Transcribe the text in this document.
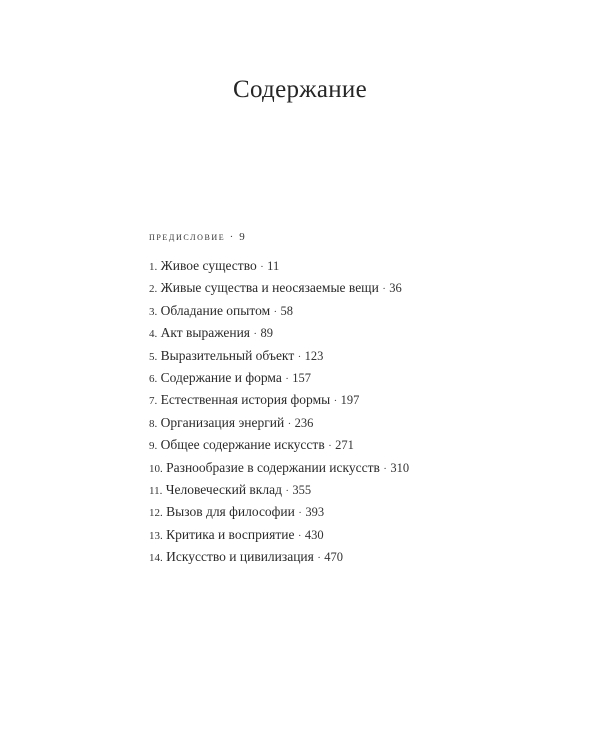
Содержание
предисловие · 9
1. Живое существо · 11
2. Живые существа и неосязаемые вещи · 36
3. Обладание опытом · 58
4. Акт выражения · 89
5. Выразительный объект · 123
6. Содержание и форма · 157
7. Естественная история формы · 197
8. Организация энергий · 236
9. Общее содержание искусств · 271
10. Разнообразие в содержании искусств · 310
11. Человеческий вклад · 355
12. Вызов для философии · 393
13. Критика и восприятие · 430
14. Искусство и цивилизация · 470
